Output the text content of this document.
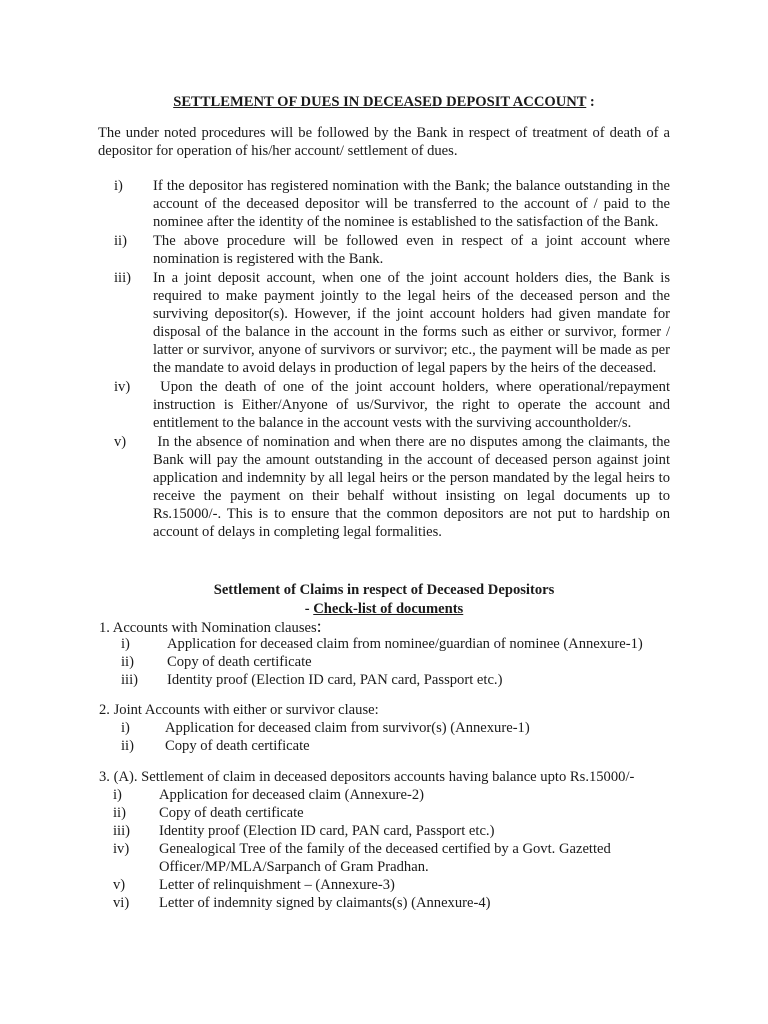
SETTLEMENT OF DUES IN DECEASED DEPOSIT ACCOUNT :
The under noted procedures will be followed by the Bank in respect of treatment of death of a depositor for operation of his/her account/ settlement of dues.
i)	If the depositor has registered nomination with the Bank; the balance outstanding in the account of the deceased depositor will be transferred to the account of / paid to the nominee after the identity of the nominee is established to the satisfaction of the Bank.
ii)	The above procedure will be followed even in respect of a joint account where nomination is registered with the Bank.
iii)	In a joint deposit account, when one of the joint account holders dies, the Bank is required to make payment jointly to the legal heirs of the deceased person and the surviving depositor(s). However, if the joint account holders had given mandate for disposal of the balance in the account in the forms such as either or survivor, former / latter or survivor, anyone of survivors or survivor; etc., the payment will be made as per the mandate to avoid delays in production of legal papers by the heirs of the deceased.
iv)	Upon the death of one of the joint account holders, where operational/repayment instruction is Either/Anyone of us/Survivor, the right to operate the account and entitlement to the balance in the account vests with the surviving accountholder/s.
v)	In the absence of nomination and when there are no disputes among the claimants, the Bank will pay the amount outstanding in the account of deceased person against joint application and indemnity by all legal heirs or the person mandated by the legal heirs to receive the payment on their behalf without insisting on legal documents up to Rs.15000/-. This is to ensure that the common depositors are not put to hardship on account of delays in completing legal formalities.
Settlement of Claims in respect of Deceased Depositors
- Check-list of documents
1. Accounts with Nomination clauses:
i)	Application for deceased claim from nominee/guardian of nominee (Annexure-1)
ii)	Copy of death certificate
iii)	Identity proof (Election ID card, PAN card, Passport etc.)
2. Joint Accounts with either or survivor clause:
i)	Application for deceased claim from survivor(s) (Annexure-1)
ii)	Copy of death certificate
3. (A). Settlement of claim in deceased depositors accounts having balance upto Rs.15000/-
i)	Application for deceased claim (Annexure-2)
ii)	Copy of death certificate
iii)	Identity proof (Election ID card, PAN card, Passport etc.)
iv)	Genealogical Tree of the family of the deceased certified by a Govt. Gazetted Officer/MP/MLA/Sarpanch of Gram Pradhan.
v)	Letter of relinquishment – (Annexure-3)
vi)	Letter of indemnity signed by claimants(s) (Annexure-4)
